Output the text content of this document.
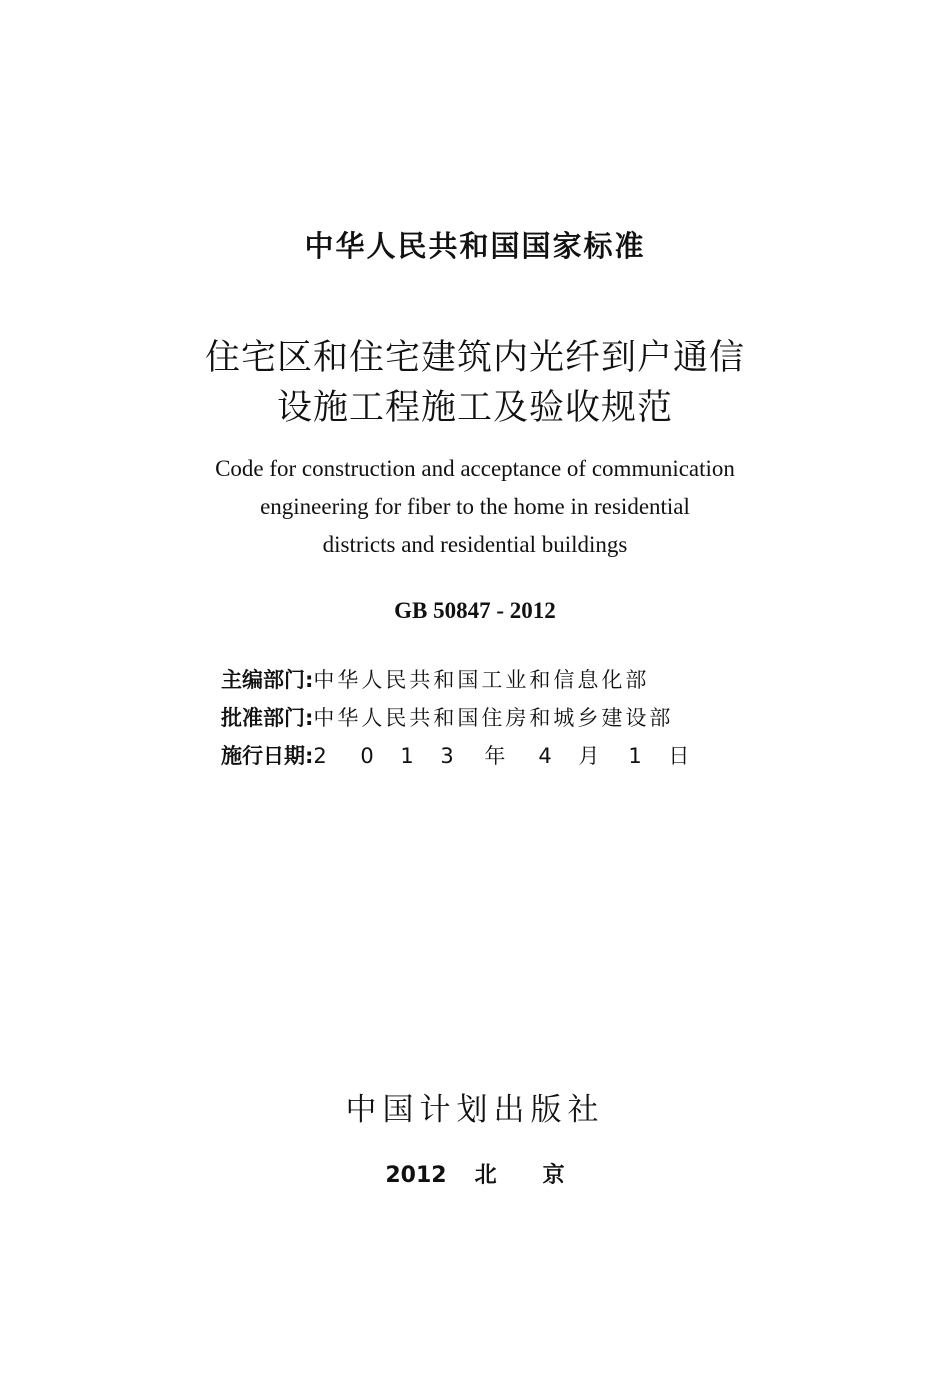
中华人民共和国国家标准
住宅区和住宅建筑内光纤到户通信
设施工程施工及验收规范
Code for construction and acceptance of communication
engineering for fiber to the home in residential
districts and residential buildings
GB 50847 - 2012
主编部门:中华人民共和国工业和信息化部
批准部门:中华人民共和国住房和城乡建设部
施行日期:2 0 1 3 年 4 月 1 日
中国计划出版社
2012 北 京
